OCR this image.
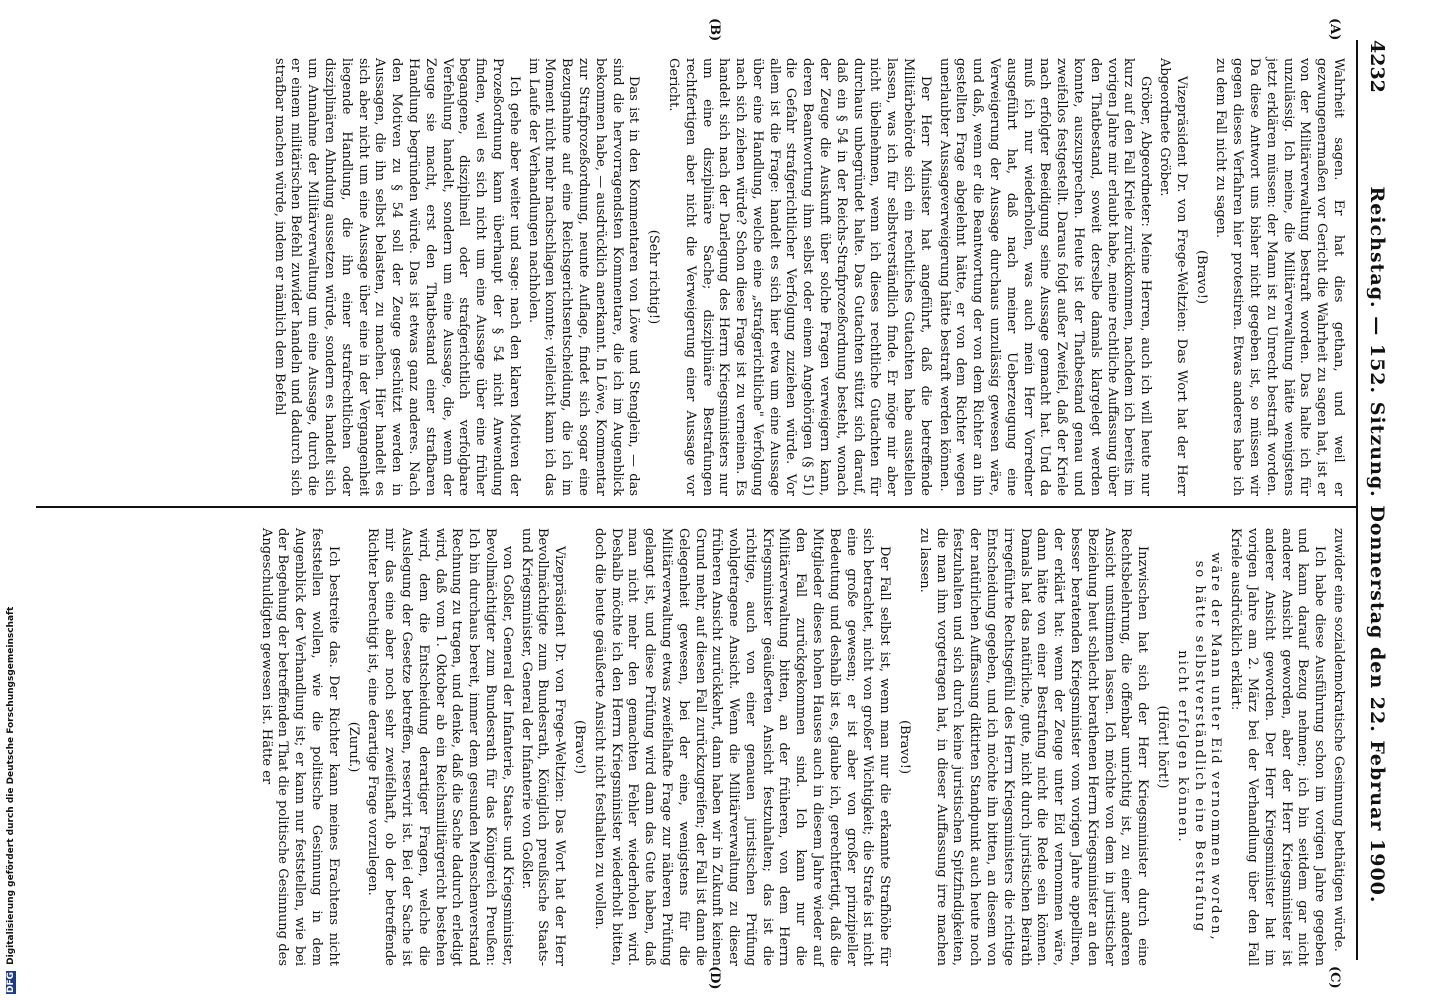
4232
Reichstag. — 152. Sitzung. Donnerstag den 22. Februar 1900.
(A)
(B)
(C)
(D)

Wahrheit sagen. Er hat dies gethan, und weil er gezwungenermaßen vor Gericht die Wahrheit zu sagen hat, ist er von der Militärverwaltung bestraft worden. Das halte ich für unzulässig. Ich meine, die Militärverwaltung hätte wenigstens jetzt erklären müssen: der Mann ist zu Unrecht bestraft worden. Da diese Antwort uns bisher nicht gegeben ist, so müssen wir gegen dieses Verfahren hier protestiren. Etwas anderes habe ich zu dem Fall nicht zu sagen.

(Bravo!)

Vizepräsident Dr. von Frege-Weltzien: Das Wort hat der Herr Abgeordnete Gröber.

Gröber, Abgeordneter: Meine Herren, auch ich will heute nur kurz auf den Fall Kriele zurückkommen, nachdem ich bereits im vorigen Jahre mir erlaubt habe, meine rechtliche Auffassung über den Thatbestand, soweit derselbe damals klargelegt werden konnte, auszusprechen. Heute ist der Thatbestand genau und zweifellos festgestellt. Daraus folgt außer Zweifel, daß der Kriele nach erfolgter Beeidigung seine Aussage gemacht hat. Und da muß ich nur wiederholen, was auch mein Herr Vorredner ausgeführt hat, daß nach meiner Ueberzeugung eine Verweigerung der Aussage durchaus unzulässig gewesen wäre, und daß, wenn er die Beantwortung der von dem Richter an ihn gestellten Frage abgelehnt hätte, er von dem Richter wegen unerlaubter Aussageverweigerung hätte bestraft werden können.

Der Herr Minister hat angeführt, daß die betreffende Militärbehörde sich ein rechtliches Gutachten habe ausstellen lassen, was ich für selbstverständlich finde. Er möge mir aber nicht übelnehmen, wenn ich dieses rechtliche Gutachten für durchaus unbegründet halte. Das Gutachten stützt sich darauf, daß ein § 54 in der Reichs-Strafprozeßordnung besteht, wonach der Zeuge die Auskunft über solche Fragen verweigern kann, deren Beantwortung ihm selbst oder einem Angehörigen (§ 51) die Gefahr strafgerichtlicher Verfolgung zuziehen würde. Vor allem ist die Frage: handelt es sich hier etwa um eine Aussage über eine Handlung, welche eine „strafgerichtliche" Verfolgung nach sich ziehen würde? Schon diese Frage ist zu verneinen. Es handelt sich nach der Darlegung des Herrn Kriegsministers nur um eine disziplinäre Sache; disziplinäre Bestrafungen rechtfertigen aber nicht die Verweigerung einer Aussage vor Gericht.

(Sehr richtig!)

Das ist in den Kommentaren von Löwe und Stenglein, — das sind die hervorragendsten Kommentare, die ich im Augenblick bekommen habe, — ausdrücklich anerkannt. In Löwe, Kommentar zur Strafprozeßordnung, neunte Auflage, findet sich sogar eine Bezugnahme auf eine Reichsgerichtsentscheidung, die ich im Moment nicht mehr nachschlagen konnte; vielleicht kann ich das im Laufe der Verhandlungen nachholen.

Ich gehe aber weiter und sage: nach den klaren Motiven der Prozeßordnung kann überhaupt der § 54 nicht Anwendung finden, weil es sich nicht um eine Aussage über eine früher begangene, disziplinell oder strafgerichtlich verfolgbare Verfehlung handelt, sondern um eine Aussage, die, wenn der Zeuge sie macht, erst den Thatbestand einer strafbaren Handlung begründen würde. Das ist etwas ganz anderes. Nach den Motiven zu § 54 soll der Zeuge geschützt werden in Aussagen, die ihn selbst belasten, zu machen. Hier handelt es sich aber nicht um eine Aussage über eine in der Vergangenheit liegende Handlung, die ihn einer strafrechtlichen oder disziplinären Ahndung aussetzen würde, sondern es handelt sich um Annahme der Militärverwaltung um eine Aussage, durch die er einem militärischen Befehl zuwider handeln und dadurch sich strafbar machen würde, indem er nämlich dem Befehl

zuwider eine sozialdemokratische Gesinnung bethätigen würde.

Ich habe diese Ausführung schon im vorigen Jahre gegeben und kann darauf Bezug nehmen; ich bin seitdem gar nicht anderer Ansicht geworden, aber der Herr Kriegsminister ist anderer Ansicht geworden. Der Herr Kriegsminister hat im vorigen Jahre am 2. März bei der Verhandlung über den Fall Kriele ausdrücklich erklärt:

wäre der Mann unter Eid vernommen worden, so hätte selbstverständlich eine Bestrafung nicht erfolgen können.

(Hört! hört!)

Inzwischen hat sich der Herr Kriegsminister durch eine Rechtsbelehrung, die offenbar unrichtig ist, zu einer anderen Ansicht umstimmen lassen. Ich möchte von dem in juristischer Beziehung heut schlecht berathenen Herrn Kriegsminister an den besser beratenden Kriegsminister vom vorigen Jahre appelliren, der erklärt hat: wenn der Zeuge unter Eid vernommen wäre, dann hätte von einer Bestrafung nicht die Rede sein können. Damals hat das natürliche, gute, nicht durch juristischen Beirath irregeführte Rechtsgefühl des Herrn Kriegsministers die richtige Entscheidung gegeben, und ich möchte ihn bitten, an diesem von der natürlichen Auffassung diktirten Standpunkt auch heute noch festzuhalten und sich durch keine juristischen Spitzfindigkeiten, die man ihm vorgetragen hat, in dieser Auffassung irre machen zu lassen.

(Bravo!)

Der Fall selbst ist, wenn man nur die erkannte Strafhöhe für sich betrachtet, nicht von großer Wichtigkeit; die Strafe ist nicht eine große gewesen; er ist aber von großer prinzipieller Bedeutung und deshalb ist es, glaube ich, gerechtfertigt, daß die Mitglieder dieses hohen Hauses auch in diesem Jahre wieder auf den Fall zurückgekommen sind. Ich kann nur die Militärverwaltung bitten, an der früheren, von dem Herrn Kriegsminister geäußerten Ansicht festzuhalten; das ist die richtige, auch von einer genauen juristischen Prüfung wohlgetragene Ansicht. Wenn die Militärverwaltung zu dieser früheren Ansicht zurückkehrt, dann haben wir in Zukunft keinen Grund mehr, auf diesen Fall zurückzugreifen; der Fall ist dann die Gelegenheit gewesen, bei der eine, wenigstens für die Militärverwaltung etwas zweifelhafte Frage zur näheren Prüfung gelangt ist, und diese Prüfung wird dann das Gute haben, daß man nicht mehr den gemachten Fehler wiederholen wird. Deshalb möchte ich den Herrn Kriegsminister wiederholt bitten, doch die heute geäußerte Ansicht nicht festhalten zu wollen.

(Bravo!)

Vizepräsident Dr. von Frege-Weltzien: Das Wort hat der Herr Bevollmächtigte zum Bundesrath, Königlich preußische Staats- und Kriegsminister, General der Infanterie von Goßler.

von Goßler, General der Infanterie, Staats- und Kriegsminister, Bevollmächtigter zum Bundesrath für das Königreich Preußen: Ich bin durchaus bereit, immer dem gesunden Menschenverstand Rechnung zu tragen, und denke, daß die Sache dadurch erledigt wird, daß vom 1. Oktober ab ein Reichsmilitärgericht bestehen wird, dem die Entscheidung derartiger Fragen, welche die Auslegung der Gesetze betreffen, reservirt ist. Bei der Sache ist mir das eine aber noch sehr zweifelhaft, ob der betreffende Richter berechtigt ist, eine derartige Frage vorzulegen.

(Zuruf.)

Ich bestreite das. Der Richter kann meines Erachtens nicht feststellen wollen, wie die politische Gesinnung in dem Augenblick der Verhandlung ist; er kann nur feststellen, wie bei der Begehung der betreffenden That die politische Gesinnung des Angeschuldigten gewesen ist. Hätte er

DFG Digitalisierung gefördert durch die Deutsche Forschungsgemeinschaft
